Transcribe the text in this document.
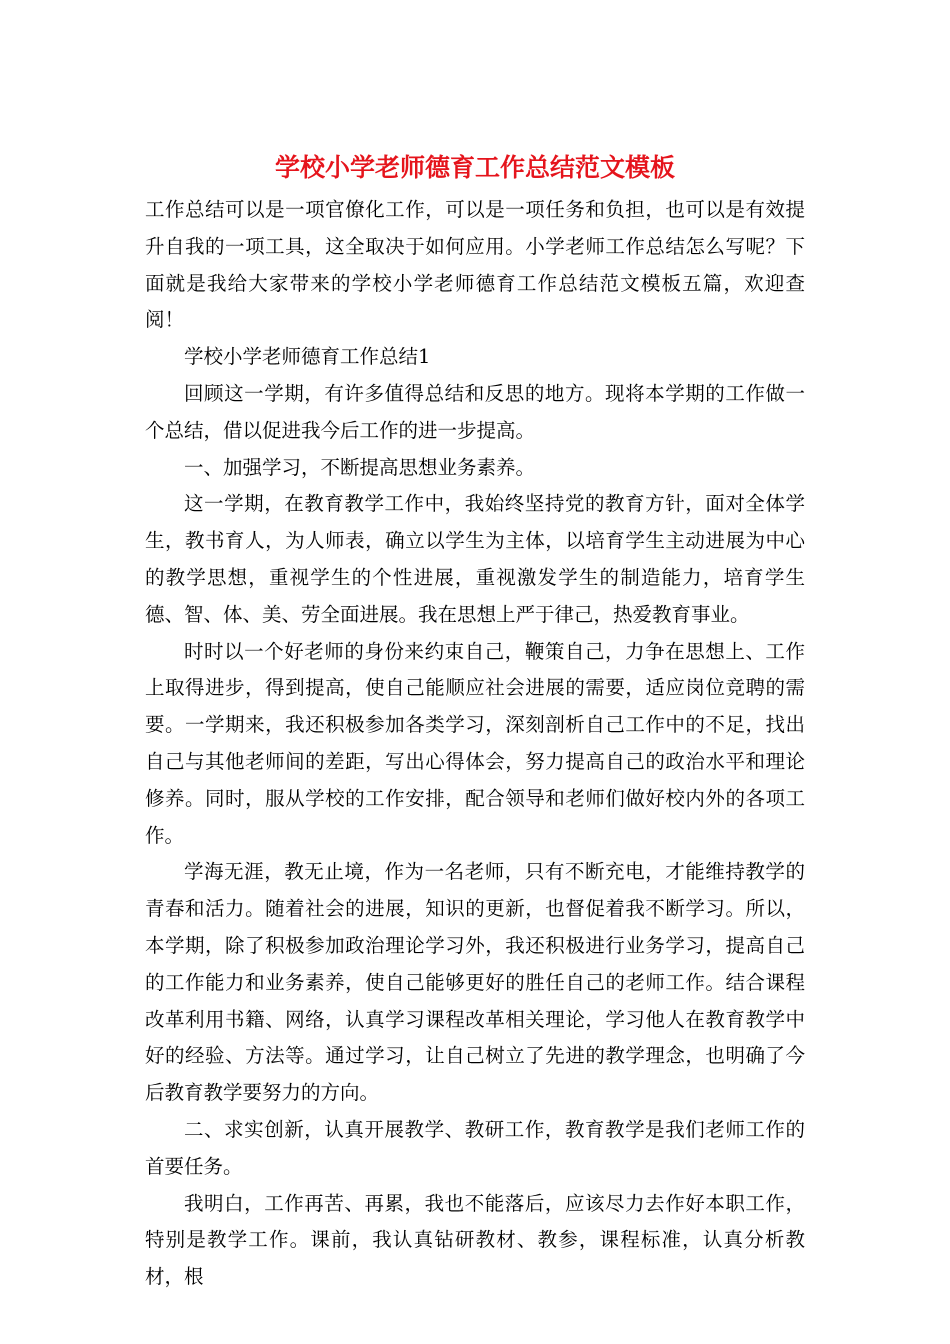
学校小学老师德育工作总结范文模板

工作总结可以是一项官僚化工作，可以是一项任务和负担，也可以是有效提升自我的一项工具，这全取决于如何应用。小学老师工作总结怎么写呢？下面就是我给大家带来的学校小学老师德育工作总结范文模板五篇，欢迎查阅！

学校小学老师德育工作总结1

回顾这一学期，有许多值得总结和反思的地方。现将本学期的工作做一个总结，借以促进我今后工作的进一步提高。

一、加强学习，不断提高思想业务素养。

这一学期，在教育教学工作中，我始终坚持党的教育方针，面对全体学生，教书育人，为人师表，确立以学生为主体，以培育学生主动进展为中心的教学思想，重视学生的个性进展，重视激发学生的制造能力，培育学生德、智、体、美、劳全面进展。我在思想上严于律己，热爱教育事业。

时时以一个好老师的身份来约束自己，鞭策自己，力争在思想上、工作上取得进步，得到提高，使自己能顺应社会进展的需要，适应岗位竞聘的需要。一学期来，我还积极参加各类学习，深刻剖析自己工作中的不足，找出自己与其他老师间的差距，写出心得体会，努力提高自己的政治水平和理论修养。同时，服从学校的工作安排，配合领导和老师们做好校内外的各项工作。

学海无涯，教无止境，作为一名老师，只有不断充电，才能维持教学的青春和活力。随着社会的进展，知识的更新，也督促着我不断学习。所以，本学期，除了积极参加政治理论学习外，我还积极进行业务学习，提高自己的工作能力和业务素养，使自己能够更好的胜任自己的老师工作。结合课程改革利用书籍、网络，认真学习课程改革相关理论，学习他人在教育教学中好的经验、方法等。通过学习，让自己树立了先进的教学理念，也明确了今后教育教学要努力的方向。

二、求实创新，认真开展教学、教研工作，教育教学是我们老师工作的首要任务。

我明白，工作再苦、再累，我也不能落后，应该尽力去作好本职工作，特别是教学工作。课前，我认真钻研教材、教参，课程标准，认真分析教材，根
